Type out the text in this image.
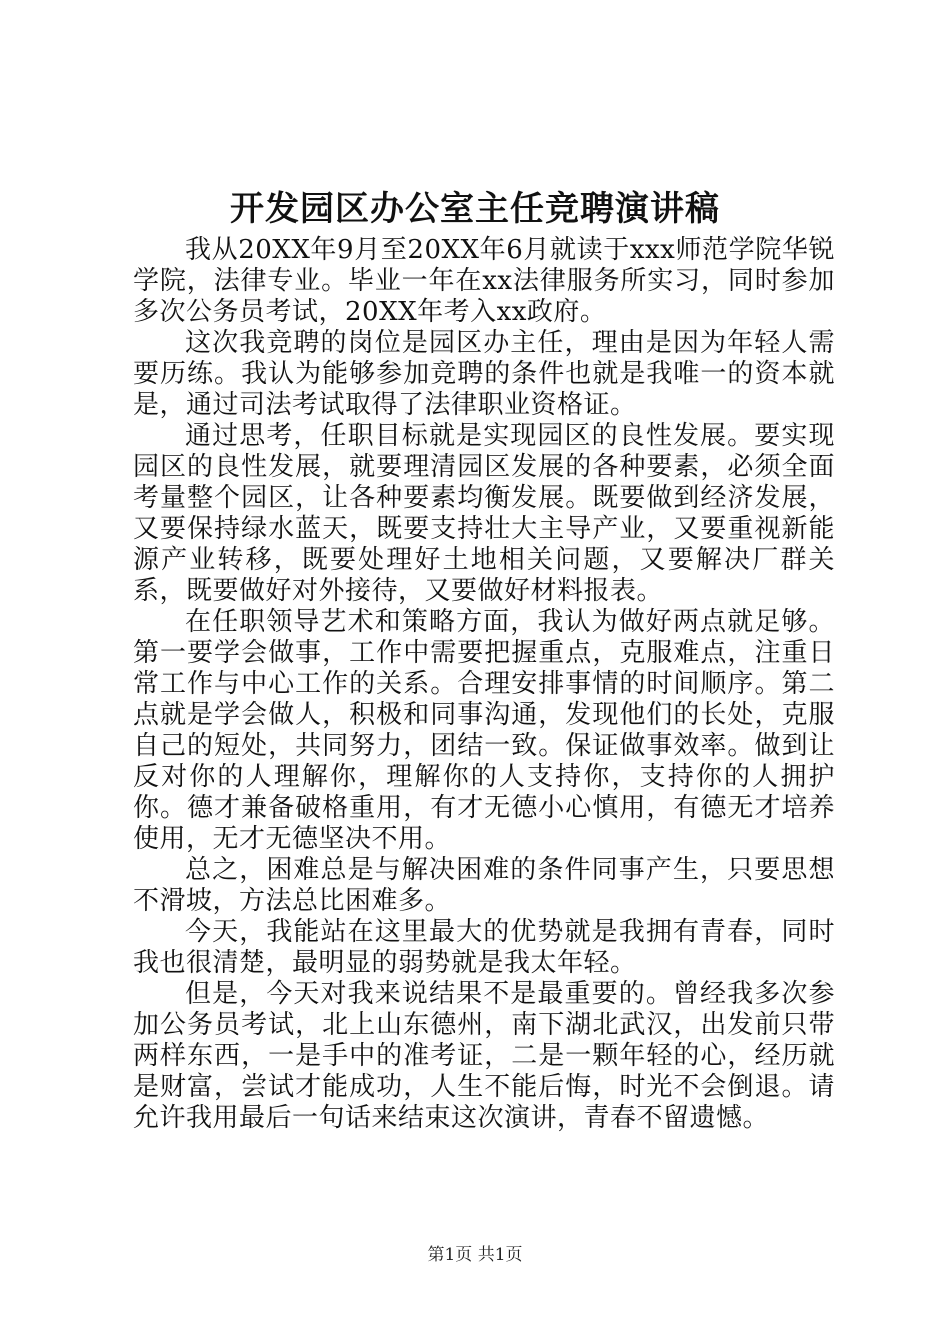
开发园区办公室主任竞聘演讲稿

我从20XX年9月至20XX年6月就读于xxx师范学院华锐学院，法律专业。毕业一年在xx法律服务所实习，同时参加多次公务员考试，20XX年考入xx政府。

这次我竞聘的岗位是园区办主任，理由是因为年轻人需要历练。我认为能够参加竞聘的条件也就是我唯一的资本就是，通过司法考试取得了法律职业资格证。

通过思考，任职目标就是实现园区的良性发展。要实现园区的良性发展，就要理清园区发展的各种要素，必须全面考量整个园区，让各种要素均衡发展。既要做到经济发展，又要保持绿水蓝天，既要支持壮大主导产业，又要重视新能源产业转移，既要处理好土地相关问题，又要解决厂群关系，既要做好对外接待，又要做好材料报表。

在任职领导艺术和策略方面，我认为做好两点就足够。第一要学会做事，工作中需要把握重点，克服难点，注重日常工作与中心工作的关系。合理安排事情的时间顺序。第二点就是学会做人，积极和同事沟通，发现他们的长处，克服自己的短处，共同努力，团结一致。保证做事效率。做到让反对你的人理解你，理解你的人支持你，支持你的人拥护你。德才兼备破格重用，有才无德小心慎用，有德无才培养使用，无才无德坚决不用。

总之，困难总是与解决困难的条件同事产生，只要思想不滑坡，方法总比困难多。

今天，我能站在这里最大的优势就是我拥有青春，同时我也很清楚，最明显的弱势就是我太年轻。

但是，今天对我来说结果不是最重要的。曾经我多次参加公务员考试，北上山东德州，南下湖北武汉，出发前只带两样东西，一是手中的准考证，二是一颗年轻的心，经历就是财富，尝试才能成功，人生不能后悔，时光不会倒退。请允许我用最后一句话来结束这次演讲，青春不留遗憾。

第1页 共1页
